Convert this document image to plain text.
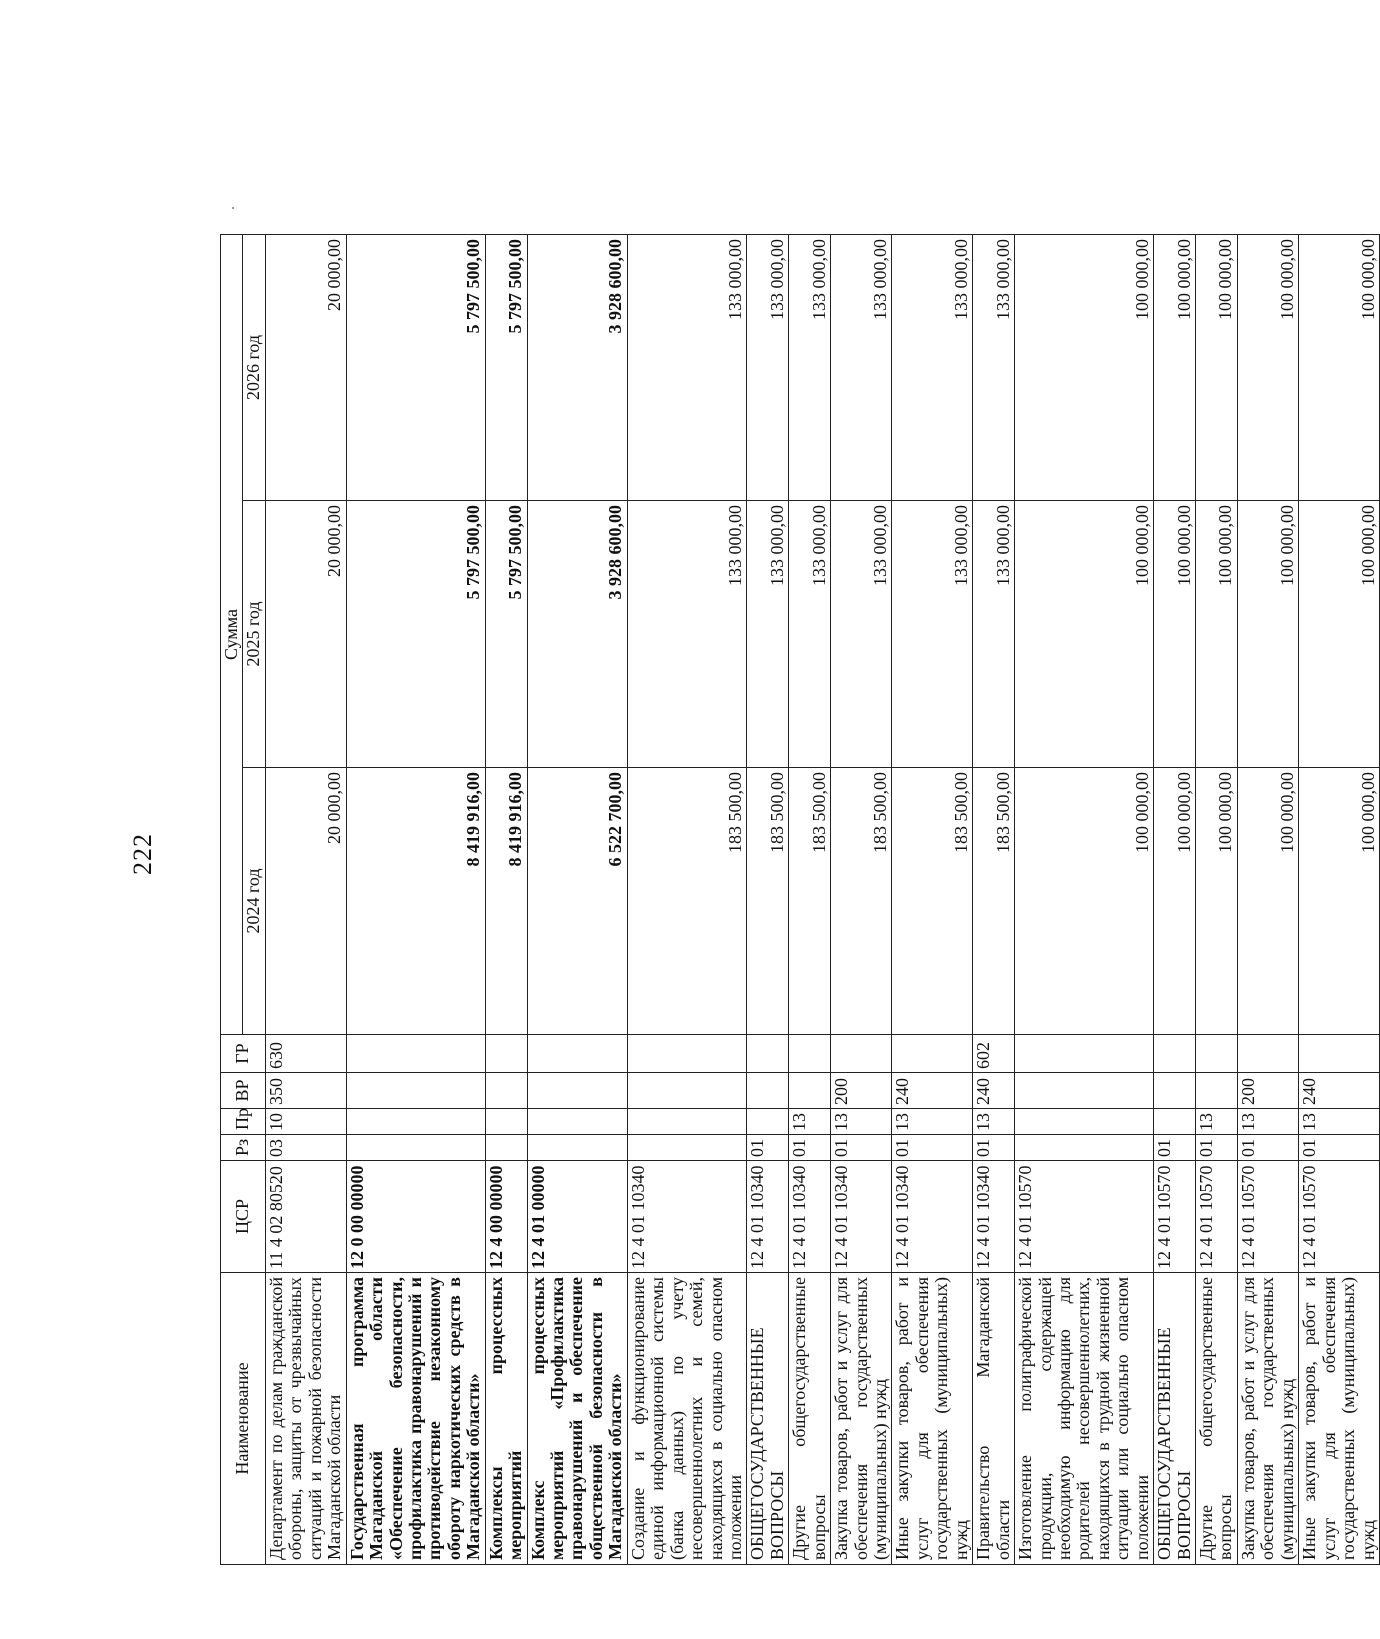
222
Наименование	ЦСР	Рз	Пр	ВР	ГР	Сумма		
						2024 год	2025 год	2026 год
Департамент по делам гражданской обороны, защиты от чрезвычайных ситуаций и пожарной безопасности Магаданской области	11 4 02 80520	03	10	350	630	20 000,00	20 000,00	20 000,00
Государственная программа Магаданской области «Обеспечение безопасности, профилактика правонарушений и противодействие незаконному обороту наркотических средств в Магаданской области»	12 0 00 00000					8 419 916,00	5 797 500,00	5 797 500,00
Комплексы процессных мероприятий	12 4 00 00000					8 419 916,00	5 797 500,00	5 797 500,00
Комплекс процессных мероприятий «Профилактика правонарушений и обеспечение общественной безопасности в Магаданской области»	12 4 01 00000					6 522 700,00	3 928 600,00	3 928 600,00
Создание и функционирование единой информационной системы (банка данных) по учету несовершеннолетних и семей, находящихся в социально опасном положении	12 4 01 10340					183 500,00	133 000,00	133 000,00
ОБЩЕГОСУДАРСТВЕННЫЕ ВОПРОСЫ	12 4 01 10340	01				183 500,00	133 000,00	133 000,00
Другие общегосударственные вопросы	12 4 01 10340	01	13			183 500,00	133 000,00	133 000,00
Закупка товаров, работ и услуг для обеспечения государственных (муниципальных) нужд	12 4 01 10340	01	13	200		183 500,00	133 000,00	133 000,00
Иные закупки товаров, работ и услуг для обеспечения государственных (муниципальных) нужд	12 4 01 10340	01	13	240		183 500,00	133 000,00	133 000,00
Правительство Магаданской области	12 4 01 10340	01	13	240	602	183 500,00	133 000,00	133 000,00
Изготовление полиграфической продукции, содержащей необходимую информацию для родителей несовершеннолетних, находящихся в трудной жизненной ситуации или социально опасном положении	12 4 01 10570					100 000,00	100 000,00	100 000,00
ОБЩЕГОСУДАРСТВЕННЫЕ ВОПРОСЫ	12 4 01 10570	01				100 000,00	100 000,00	100 000,00
Другие общегосударственные вопросы	12 4 01 10570	01	13			100 000,00	100 000,00	100 000,00
Закупка товаров, работ и услуг для обеспечения государственных (муниципальных) нужд	12 4 01 10570	01	13	200		100 000,00	100 000,00	100 000,00
Иные закупки товаров, работ и услуг для обеспечения государственных (муниципальных) нужд	12 4 01 10570	01	13	240		100 000,00	100 000,00	100 000,00
